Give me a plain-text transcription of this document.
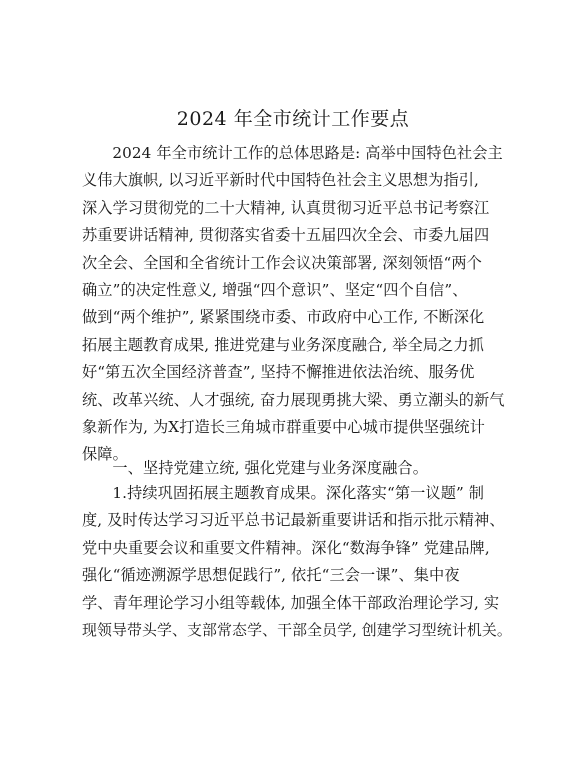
2024 年全市统计工作要点
2024 年全市统计工作的总体思路是: 高举中国特色社会主
义伟大旗帜, 以习近平新时代中国特色社会主义思想为指引,
深入学习贯彻党的二十大精神, 认真贯彻习近平总书记考察江
苏重要讲话精神, 贯彻落实省委十五届四次全会、市委九届四
次全会、全国和全省统计工作会议决策部署, 深刻领悟“两个
确立”的决定性意义, 增强“四个意识”、坚定“四个自信”、
做到“两个维护”, 紧紧围绕市委、市政府中心工作, 不断深化
拓展主题教育成果, 推进党建与业务深度融合, 举全局之力抓
好“第五次全国经济普查”, 坚持不懈推进依法治统、服务优
统、改革兴统、人才强统, 奋力展现勇挑大梁、勇立潮头的新气
象新作为, 为X打造长三角城市群重要中心城市提供坚强统计
保障。
一、坚持党建立统, 强化党建与业务深度融合。
1.持续巩固拓展主题教育成果。深化落实“第一议题” 制
度, 及时传达学习习近平总书记最新重要讲话和指示批示精神、
党中央重要会议和重要文件精神。深化“数海争锋” 党建品牌,
强化“循迹溯源学思想促践行”, 依托“三会一课”、集中夜
学、青年理论学习小组等载体, 加强全体干部政治理论学习, 实
现领导带头学、支部常态学、干部全员学, 创建学习型统计机关。
